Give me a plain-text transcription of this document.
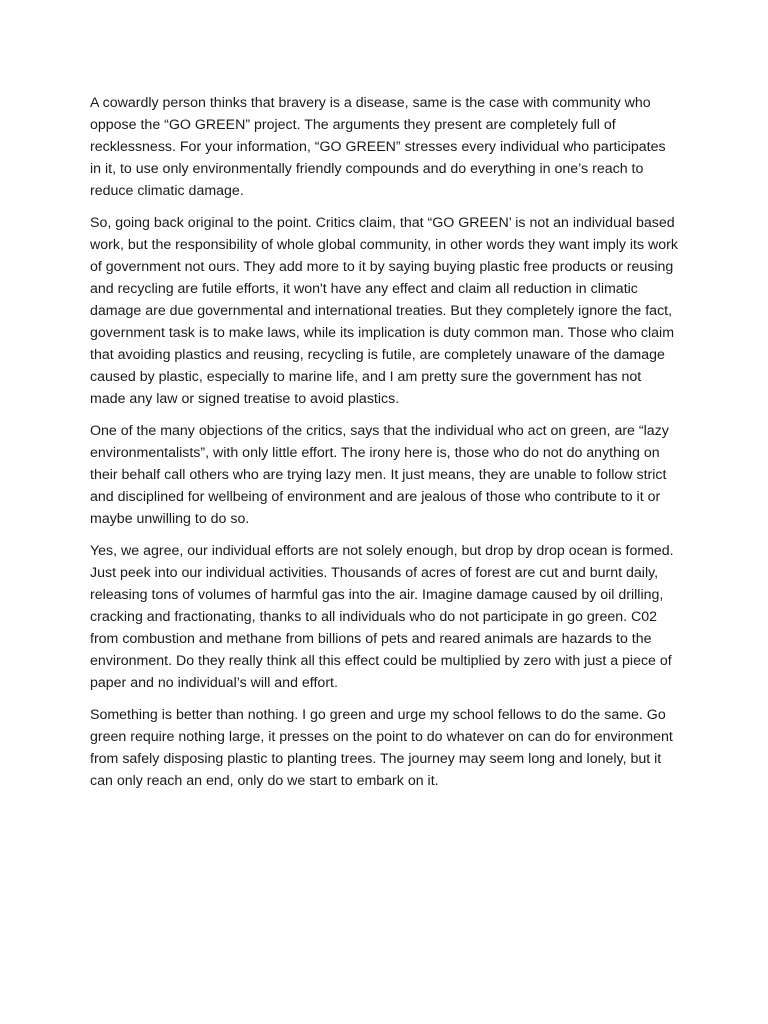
A cowardly person thinks that bravery is a disease, same is the case with community who oppose the “GO GREEN” project. The arguments they present are completely full of recklessness. For your information, “GO GREEN” stresses every individual who participates in it, to use only environmentally friendly compounds and do everything in one’s reach to reduce climatic damage.

So, going back original to the point. Critics claim, that “GO GREEN’ is not an individual based work, but the responsibility of whole global community, in other words they want imply its work of government not ours. They add more to it by saying buying plastic free products or reusing and recycling are futile efforts, it won't have any effect and claim all reduction in climatic damage are due governmental and international treaties. But they completely ignore the fact, government task is to make laws, while its implication is duty common man. Those who claim that avoiding plastics and reusing, recycling is futile, are completely unaware of the damage caused by plastic, especially to marine life, and I am pretty sure the government has not made any law or signed treatise to avoid plastics.

One of the many objections of the critics, says that the individual who act on green, are “lazy environmentalists”, with only little effort. The irony here is, those who do not do anything on their behalf call others who are trying lazy men. It just means, they are unable to follow strict and disciplined for wellbeing of environment and are jealous of those who contribute to it or maybe unwilling to do so.

Yes, we agree, our individual efforts are not solely enough, but drop by drop ocean is formed. Just peek into our individual activities. Thousands of acres of forest are cut and burnt daily, releasing tons of volumes of harmful gas into the air. Imagine damage caused by oil drilling, cracking and fractionating, thanks to all individuals who do not participate in go green. C02 from combustion and methane from billions of pets and reared animals are hazards to the environment. Do they really think all this effect could be multiplied by zero with just a piece of paper and no individual’s will and effort.

Something is better than nothing. I go green and urge my school fellows to do the same. Go green require nothing large, it presses on the point to do whatever on can do for environment from safely disposing plastic to planting trees. The journey may seem long and lonely, but it can only reach an end, only do we start to embark on it.
